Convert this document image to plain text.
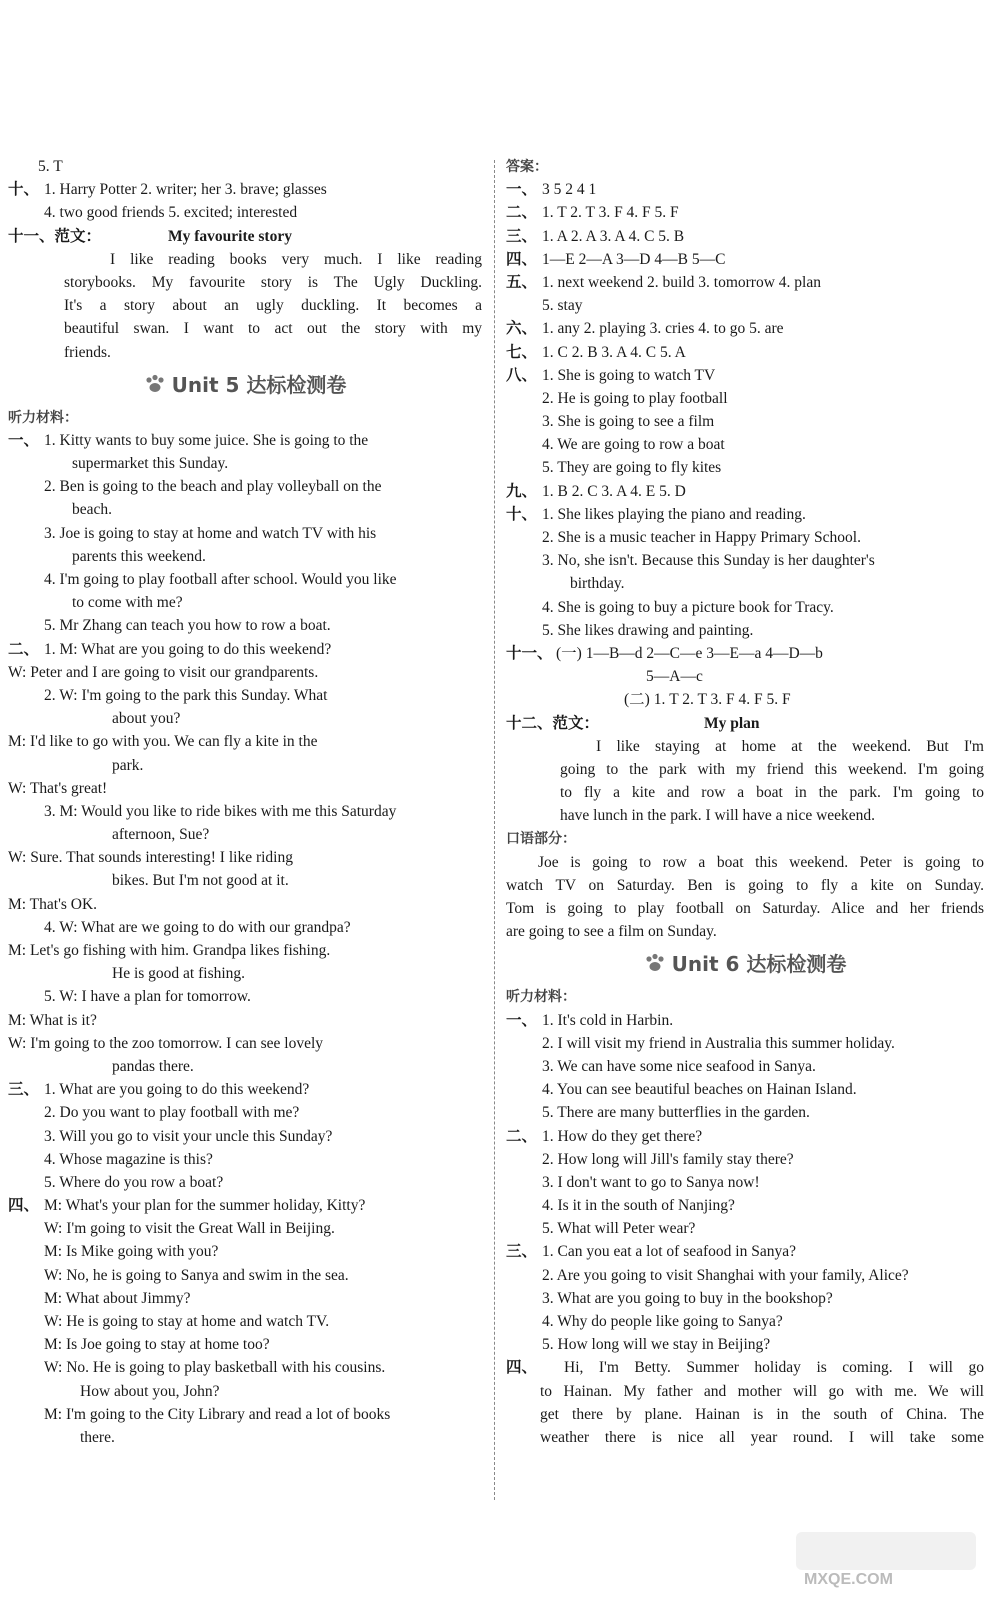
5. T
十、 1. Harry Potter 2. writer; her 3. brave; glasses
4. two good friends 5. excited; interested
十一、范文：	My favourite story
I like reading books very much. I like reading
storybooks. My favourite story is The Ugly Duckling.
It's a story about an ugly duckling. It becomes a
beautiful swan. I want to act out the story with my
friends.
Unit 5 达标检测卷
听力材料：
一、 1. Kitty wants to buy some juice. She is going to the
supermarket this Sunday.
2. Ben is going to the beach and play volleyball on the
beach.
3. Joe is going to stay at home and watch TV with his
parents this weekend.
4. I'm going to play football after school. Would you like
to come with me?
5. Mr Zhang can teach you how to row a boat.
二、 1. M: What are you going to do this weekend?
W: Peter and I are going to visit our grandparents.
2. W: I'm going to the park this Sunday. What
about you?
M: I'd like to go with you. We can fly a kite in the
park.
W: That's great!
3. M: Would you like to ride bikes with me this Saturday
afternoon, Sue?
W: Sure. That sounds interesting! I like riding
bikes. But I'm not good at it.
M: That's OK.
4. W: What are we going to do with our grandpa?
M: Let's go fishing with him. Grandpa likes fishing.
He is good at fishing.
5. W: I have a plan for tomorrow.
M: What is it?
W: I'm going to the zoo tomorrow. I can see lovely
pandas there.
三、 1. What are you going to do this weekend?
2. Do you want to play football with me?
3. Will you go to visit your uncle this Sunday?
4. Whose magazine is this?
5. Where do you row a boat?
四、 M: What's your plan for the summer holiday, Kitty?
W: I'm going to visit the Great Wall in Beijing.
M: Is Mike going with you?
W: No, he is going to Sanya and swim in the sea.
M: What about Jimmy?
W: He is going to stay at home and watch TV.
M: Is Joe going to stay at home too?
W: No. He is going to play basketball with his cousins.
How about you, John?
M: I'm going to the City Library and read a lot of books
there.
答案：
一、 3 5 2 4 1
二、 1. T 2. T 3. F 4. F 5. F
三、 1. A 2. A 3. A 4. C 5. B
四、 1—E 2—A 3—D 4—B 5—C
五、 1. next weekend 2. build 3. tomorrow 4. plan
5. stay
六、 1. any 2. playing 3. cries 4. to go 5. are
七、 1. C 2. B 3. A 4. C 5. A
八、 1. She is going to watch TV
2. He is going to play football
3. She is going to see a film
4. We are going to row a boat
5. They are going to fly kites
九、 1. B 2. C 3. A 4. E 5. D
十、 1. She likes playing the piano and reading.
2. She is a music teacher in Happy Primary School.
3. No, she isn't. Because this Sunday is her daughter's
birthday.
4. She is going to buy a picture book for Tracy.
5. She likes drawing and painting.
十一、 (一) 1—B—d 2—C—e 3—E—a 4—D—b
5—A—c
(二) 1. T 2. T 3. F 4. F 5. F
十二、范文：	My plan
I like staying at home at the weekend. But I'm
going to the park with my friend this weekend. I'm going
to fly a kite and row a boat in the park. I'm going to
have lunch in the park. I will have a nice weekend.
口语部分：
Joe is going to row a boat this weekend. Peter is going to
watch TV on Saturday. Ben is going to fly a kite on Sunday.
Tom is going to play football on Saturday. Alice and her friends
are going to see a film on Sunday.
Unit 6 达标检测卷
听力材料：
一、 1. It's cold in Harbin.
2. I will visit my friend in Australia this summer holiday.
3. We can have some nice seafood in Sanya.
4. You can see beautiful beaches on Hainan Island.
5. There are many butterflies in the garden.
二、 1. How do they get there?
2. How long will Jill's family stay there?
3. I don't want to go to Sanya now!
4. Is it in the south of Nanjing?
5. What will Peter wear?
三、 1. Can you eat a lot of seafood in Sanya?
2. Are you going to visit Shanghai with your family, Alice?
3. What are you going to buy in the bookshop?
4. Why do people like going to Sanya?
5. How long will we stay in Beijing?
四、 Hi, I'm Betty. Summer holiday is coming. I will go
to Hainan. My father and mother will go with me. We will
get there by plane. Hainan is in the south of China. The
weather there is nice all year round. I will take some
MXQE.COM
